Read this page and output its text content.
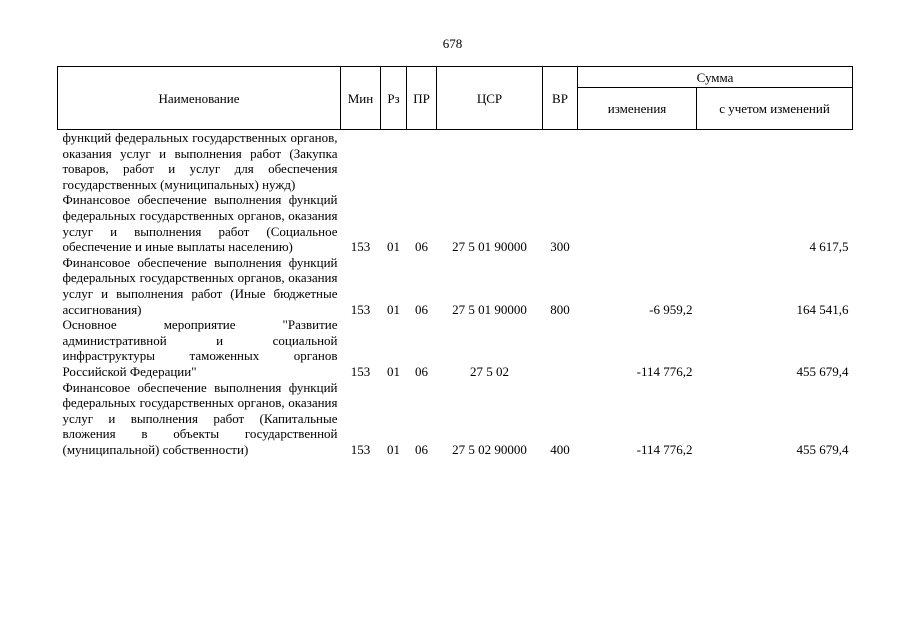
678
Наименование	Мин	Рз	ПР	ЦСР	ВР	Сумма	
						изменения	с учетом изменений
функций федеральных государственных органов, оказания услуг и выполнения работ (Закупка товаров, работ и услуг для обеспечения государственных (муниципальных) нужд)							
Финансовое обеспечение выполнения функций федеральных государственных органов, оказания услуг и выполнения работ (Социальное обеспечение и иные выплаты населению)	153	01	06	27 5 01 90000	300		4 617,5
Финансовое обеспечение выполнения функций федеральных государственных органов, оказания услуг и выполнения работ (Иные бюджетные ассигнования)	153	01	06	27 5 01 90000	800	-6 959,2	164 541,6
Основное мероприятие "Развитие административной и социальной инфраструктуры таможенных органов Российской Федерации"	153	01	06	27 5 02		-114 776,2	455 679,4
Финансовое обеспечение выполнения функций федеральных государственных органов, оказания услуг и выполнения работ (Капитальные вложения в объекты государственной (муниципальной) собственности)	153	01	06	27 5 02 90000	400	-114 776,2	455 679,4
